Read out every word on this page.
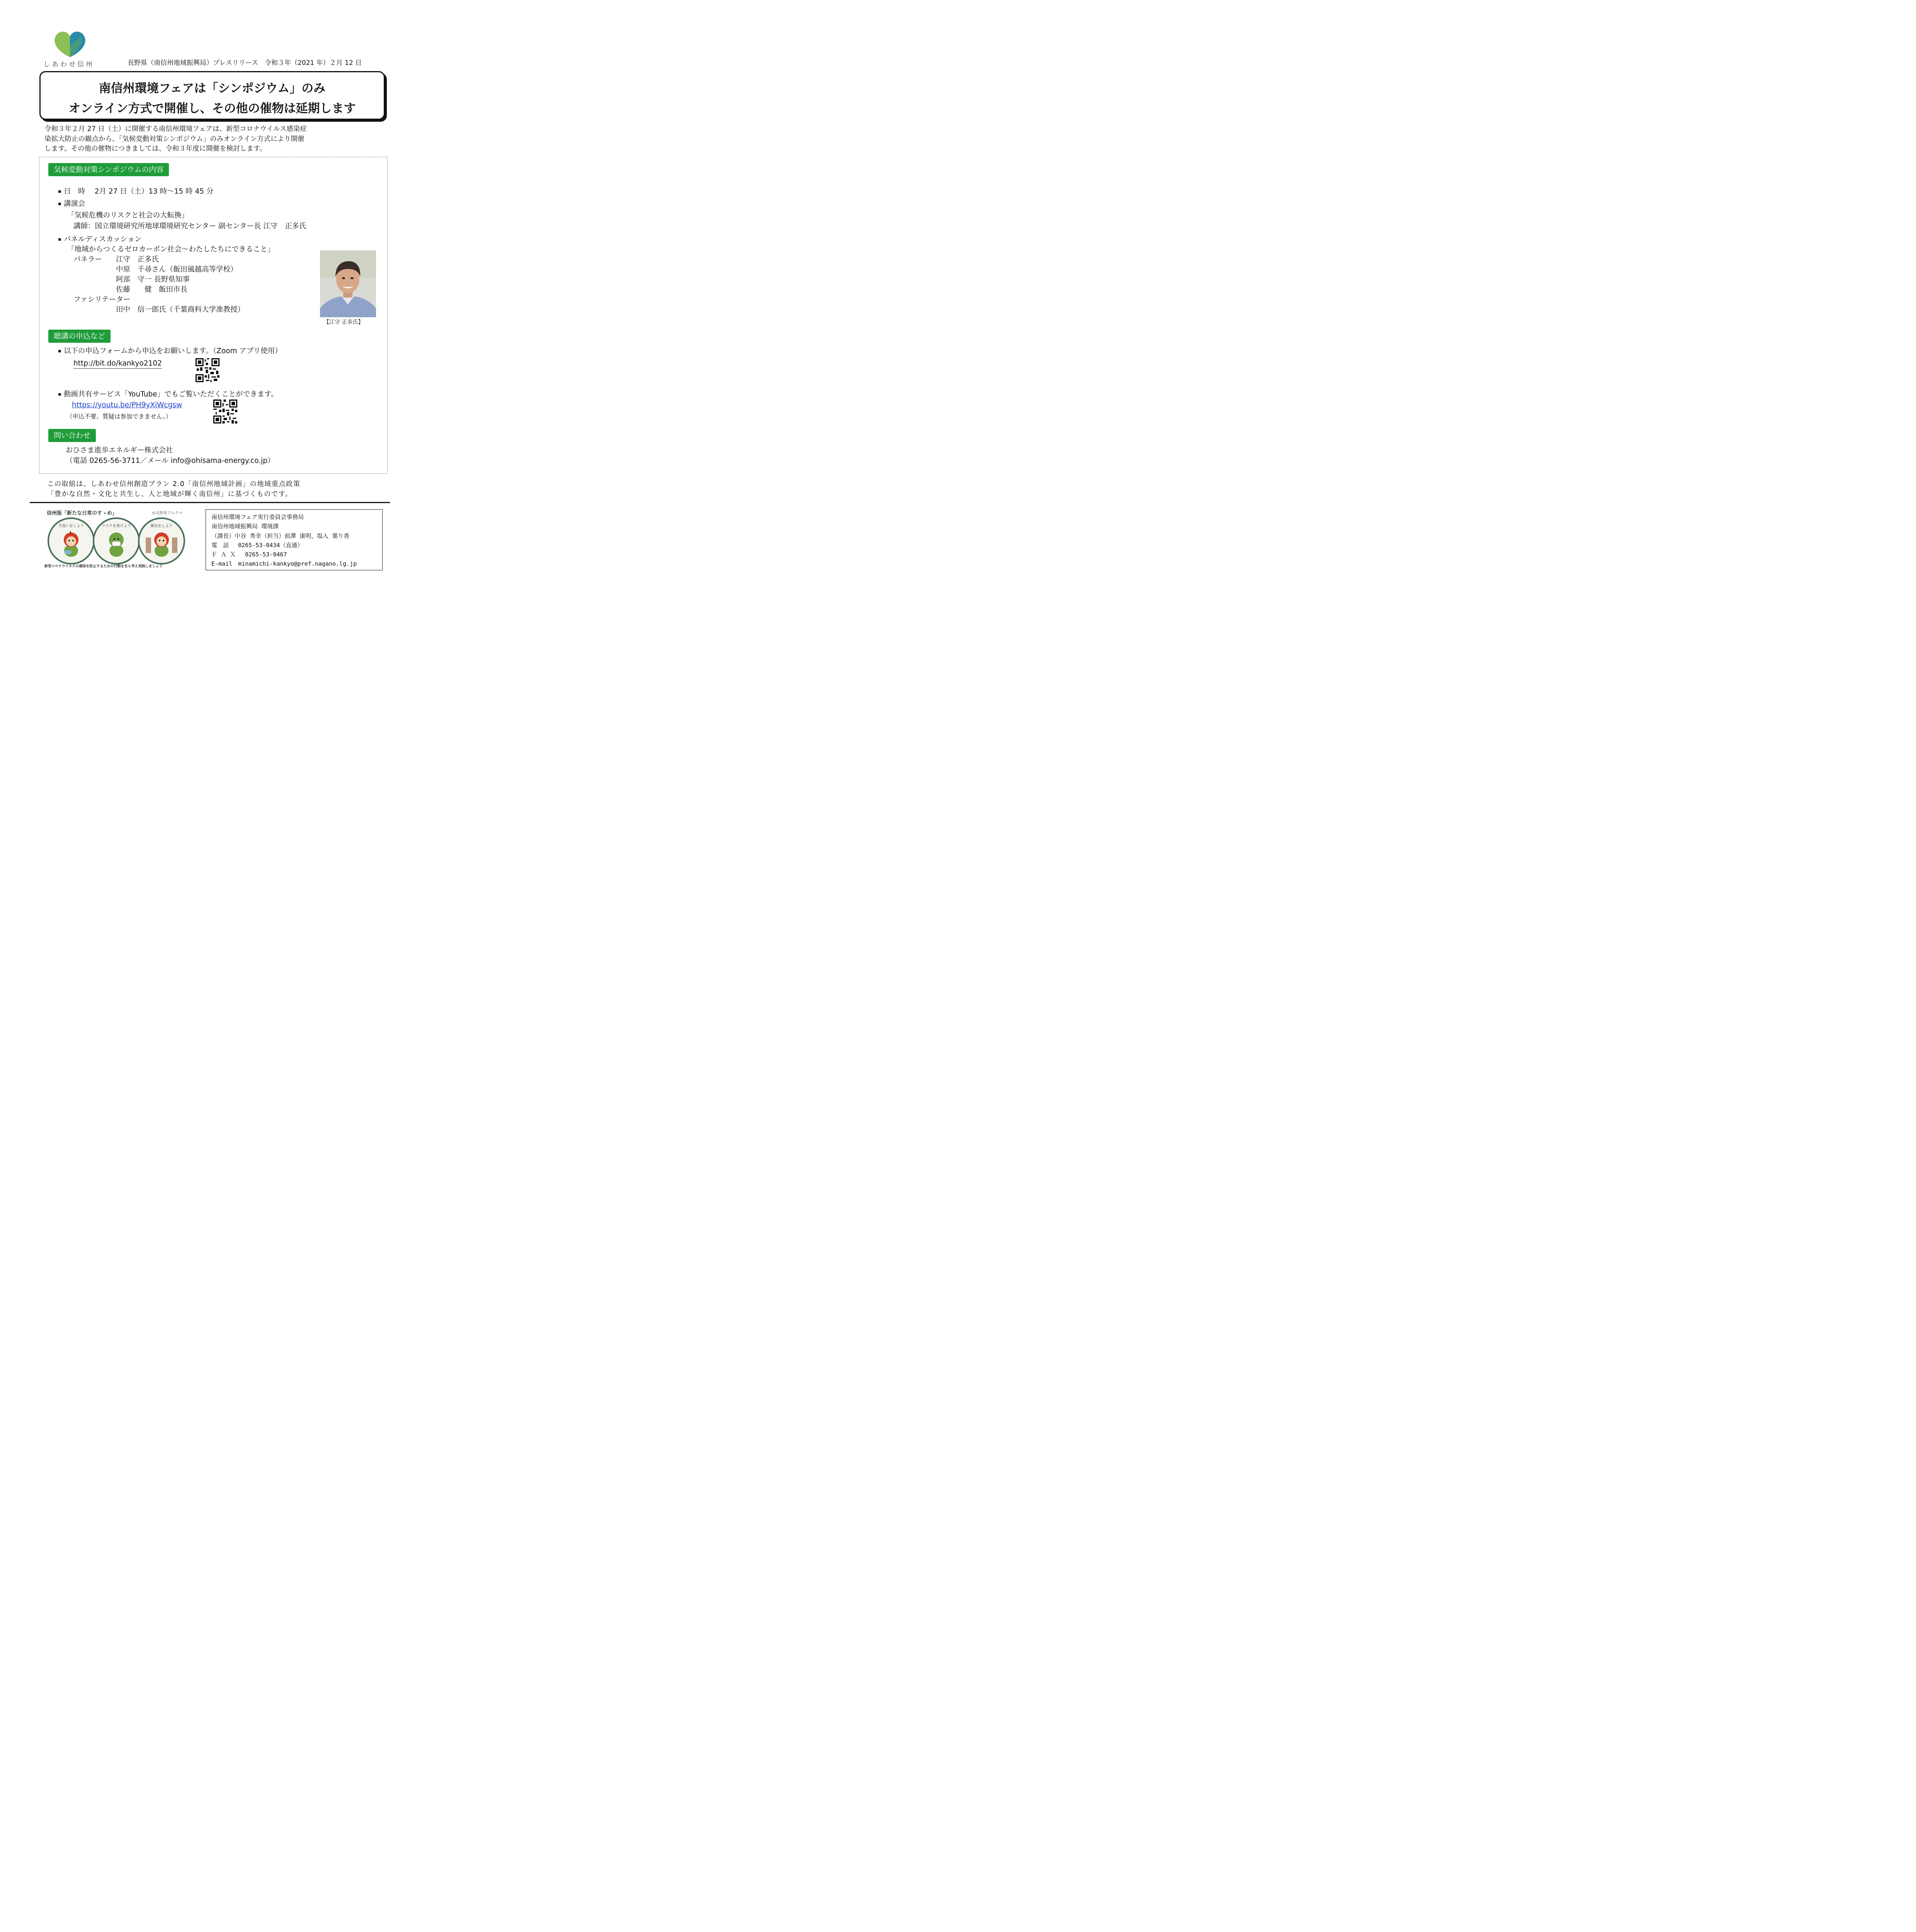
しあわせ信州	長野県（南信州地域振興局）プレスリリース　令和３年（2021 年）２月 12 日
南信州環境フェアは「シンポジウム」のみ
オンライン方式で開催し、その他の催物は延期します
令和３年２月 27 日（土）に開催する南信州環境フェアは、新型コロナウイルス感染症
染拡大防止の観点から、「気候変動対策シンポジウム」のみオンライン方式により開催
します。その他の催物につきましては、令和３年度に開催を検討します。
気候変動対策シンポジウムの内容
▪ 日　時　 2月 27 日（土）13 時～15 時 45 分
▪ 講演会
「気候危機のリスクと社会の大転換」
講師：国立環境研究所地球環境研究センター 副センター長 江守　正多氏
▪ パネルディスカッション
「地域からつくるゼロカーボン社会～わたしたちにできること」
パネラー 江守　正多氏
中原　千尋さん（飯田風越高等学校）
阿部　守一 長野県知事
佐藤　　健　飯田市長
ファシリテーター
田中　信一郎氏（千葉商科大学准教授）
【江守 正多氏】
聴講の申込など
▪ 以下の申込フォームから申込をお願いします。（Zoom アプリ使用）
http://bit.do/kankyo2102
▪ 動画共有サービス「YouTube」でもご覧いただくことができます。
https://youtu.be/PH9yXiWcgsw
（申込不要。質疑は参加できません。）
問い合わせ
おひさま進歩エネルギー株式会社
（電話 0265-56-3711／メール info@ohisama-energy.co.jp）
この取組は、しあわせ信州創造プラン 2.0「南信州地域計画」の地域重点政策
「豊かな自然・文化と共生し、人と地域が輝く南信州」に基づくものです。
信州版「新たな日常のすゝめ」	©長野県アルクマ
手洗いをしよう	マスクを着けよう	換気をしよう
新型コロナウイルスの感染を防止するための行動を自ら考え実践しましょう
南信州環境フェア実行委員会事務局
南信州地域振興局 環境課
（課長）中谷 秀幸（担当）前澤 康明、塩入 葉り香
電　話　 0265-53-0434（直通）
Ｆ Ａ Ｘ　 0265-53-0467
E-mail　minamichi-kankyo@pref.nagano.lg.jp
